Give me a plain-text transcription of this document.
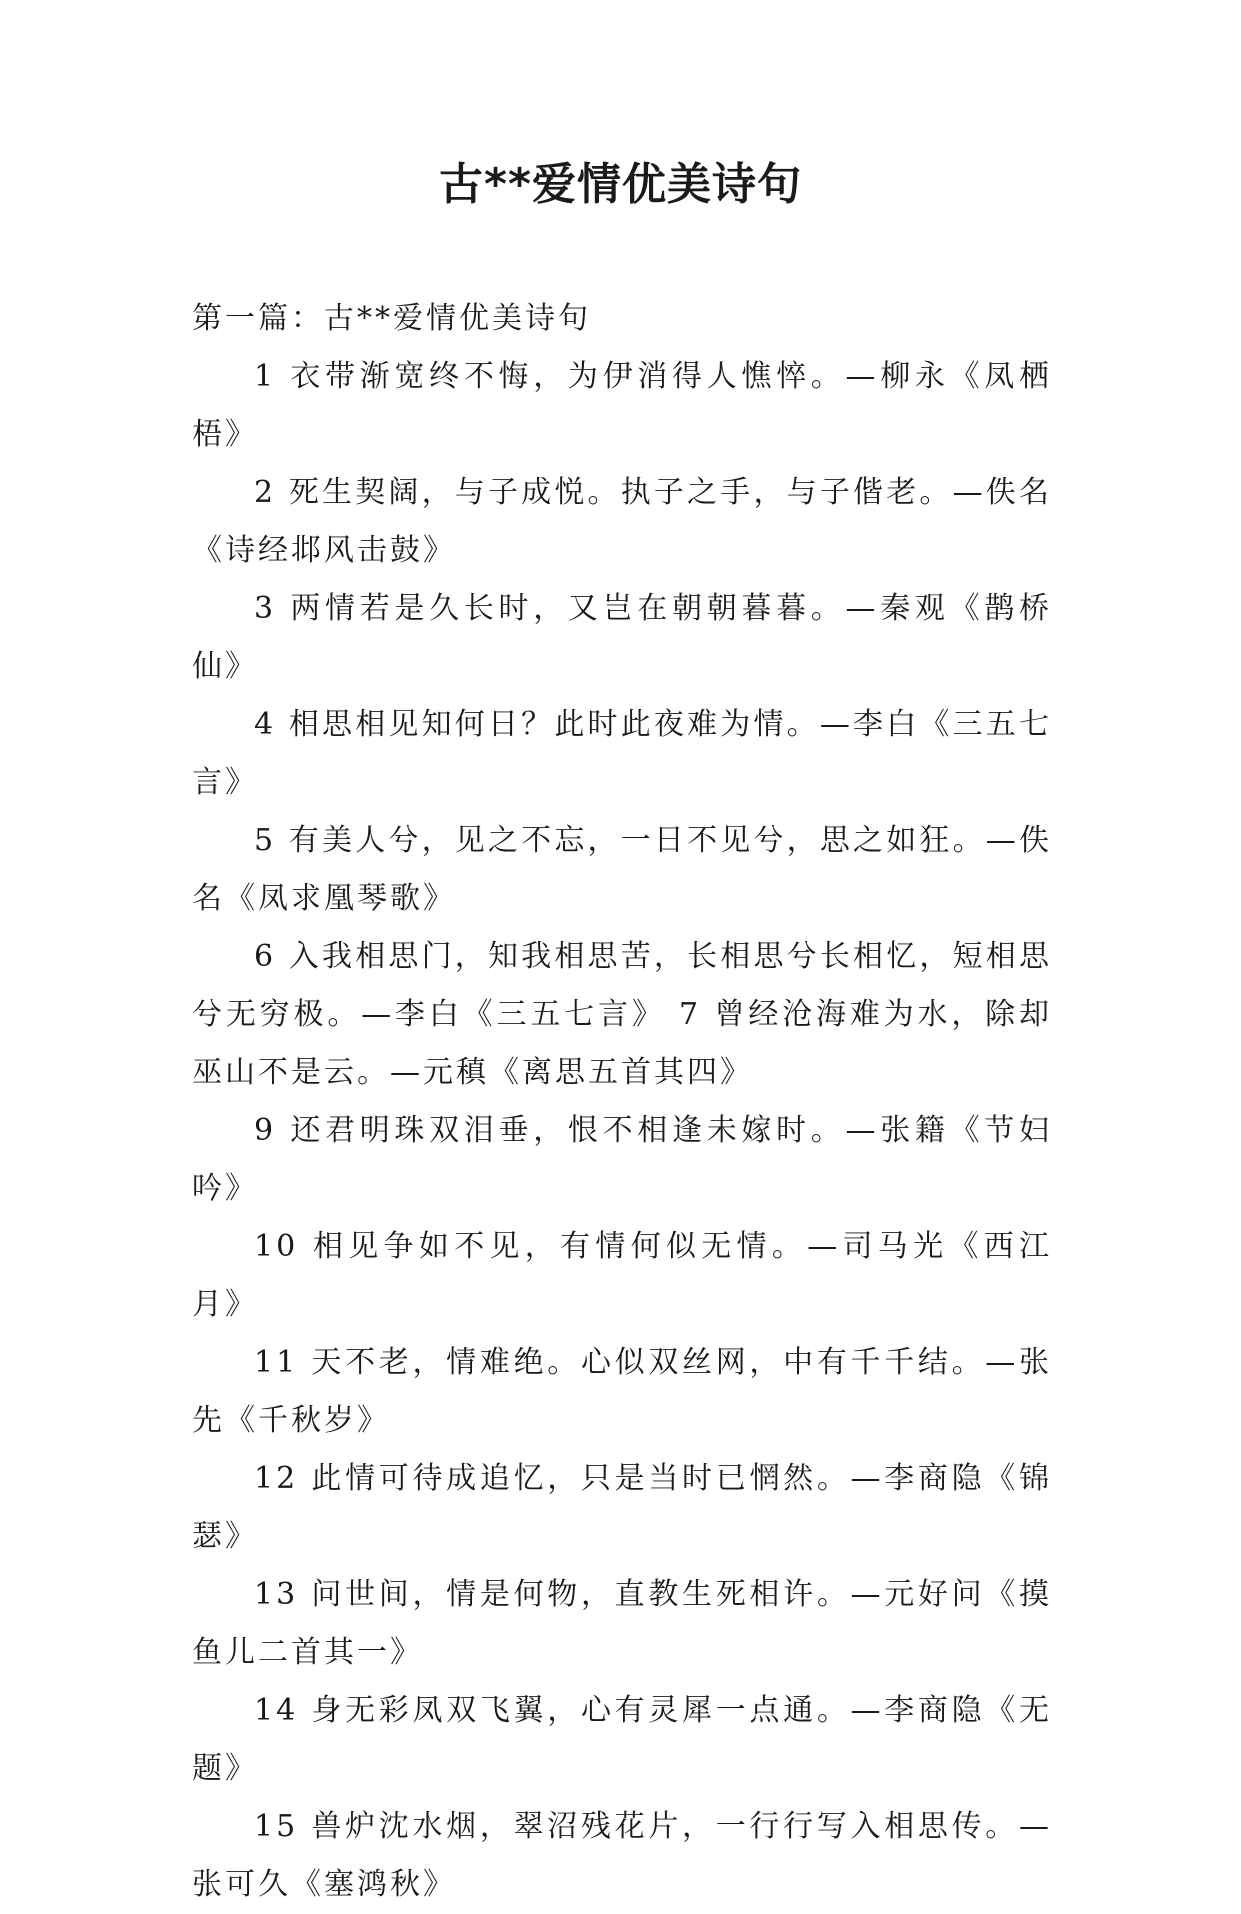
古**爱情优美诗句

第一篇：古**爱情优美诗句

1 衣带渐宽终不悔，为伊消得人憔悴。—柳永《凤栖梧》

2 死生契阔，与子成悦。执子之手，与子偕老。—佚名《诗经邶风击鼓》

3 两情若是久长时，又岂在朝朝暮暮。—秦观《鹊桥仙》

4 相思相见知何日？此时此夜难为情。—李白《三五七言》

5 有美人兮，见之不忘，一日不见兮，思之如狂。—佚名《凤求凰琴歌》

6 入我相思门，知我相思苦，长相思兮长相忆，短相思兮无穷极。—李白《三五七言》 7 曾经沧海难为水，除却巫山不是云。—元稹《离思五首其四》

9 还君明珠双泪垂，恨不相逢未嫁时。—张籍《节妇吟》

10 相见争如不见，有情何似无情。—司马光《西江月》

11 天不老，情难绝。心似双丝网，中有千千结。—张先《千秋岁》

12 此情可待成追忆，只是当时已惘然。—李商隐《锦瑟》

13 问世间，情是何物，直教生死相许。—元好问《摸鱼儿二首其一》

14 身无彩凤双飞翼，心有灵犀一点通。—李商隐《无题》

15 兽炉沈水烟，翠沼残花片，一行行写入相思传。—张可久《塞鸿秋》
